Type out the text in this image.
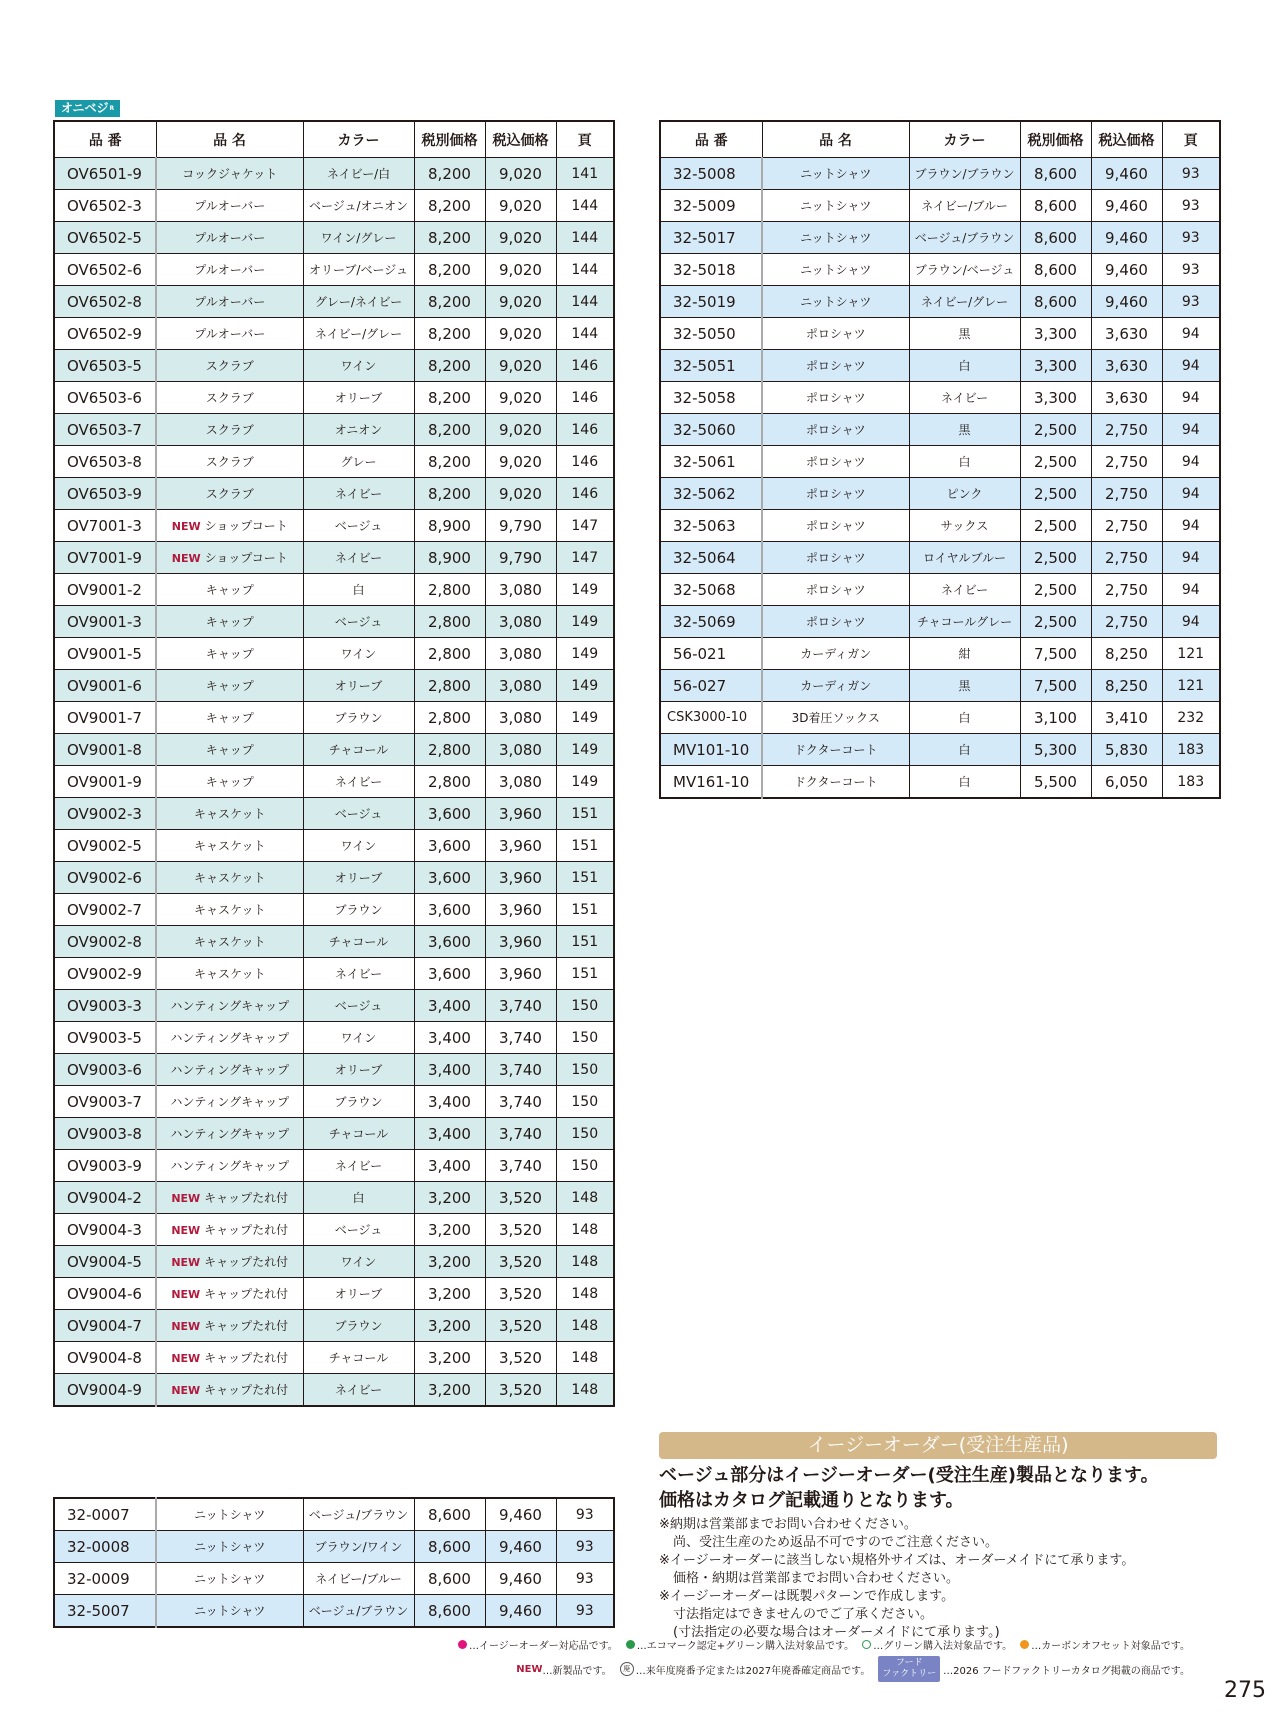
オニベジR
品 番	品 名	カラー	税別価格	税込価格	頁
OV6501-9	コックジャケット	ネイビー/白	8,200	9,020	141
OV6502-3	プルオーバー	ベージュ/オニオン	8,200	9,020	144
OV6502-5	プルオーバー	ワイン/グレー	8,200	9,020	144
OV6502-6	プルオーバー	オリーブ/ベージュ	8,200	9,020	144
OV6502-8	プルオーバー	グレー/ネイビー	8,200	9,020	144
OV6502-9	プルオーバー	ネイビー/グレー	8,200	9,020	144
OV6503-5	スクラブ	ワイン	8,200	9,020	146
OV6503-6	スクラブ	オリーブ	8,200	9,020	146
OV6503-7	スクラブ	オニオン	8,200	9,020	146
OV6503-8	スクラブ	グレー	8,200	9,020	146
OV6503-9	スクラブ	ネイビー	8,200	9,020	146
OV7001-3	NEW ショップコート	ベージュ	8,900	9,790	147
OV7001-9	NEW ショップコート	ネイビー	8,900	9,790	147
OV9001-2	キャップ	白	2,800	3,080	149
OV9001-3	キャップ	ベージュ	2,800	3,080	149
OV9001-5	キャップ	ワイン	2,800	3,080	149
OV9001-6	キャップ	オリーブ	2,800	3,080	149
OV9001-7	キャップ	ブラウン	2,800	3,080	149
OV9001-8	キャップ	チャコール	2,800	3,080	149
OV9001-9	キャップ	ネイビー	2,800	3,080	149
OV9002-3	キャスケット	ベージュ	3,600	3,960	151
OV9002-5	キャスケット	ワイン	3,600	3,960	151
OV9002-6	キャスケット	オリーブ	3,600	3,960	151
OV9002-7	キャスケット	ブラウン	3,600	3,960	151
OV9002-8	キャスケット	チャコール	3,600	3,960	151
OV9002-9	キャスケット	ネイビー	3,600	3,960	151
OV9003-3	ハンティングキャップ	ベージュ	3,400	3,740	150
OV9003-5	ハンティングキャップ	ワイン	3,400	3,740	150
OV9003-6	ハンティングキャップ	オリーブ	3,400	3,740	150
OV9003-7	ハンティングキャップ	ブラウン	3,400	3,740	150
OV9003-8	ハンティングキャップ	チャコール	3,400	3,740	150
OV9003-9	ハンティングキャップ	ネイビー	3,400	3,740	150
OV9004-2	NEW キャップたれ付	白	3,200	3,520	148
OV9004-3	NEW キャップたれ付	ベージュ	3,200	3,520	148
OV9004-5	NEW キャップたれ付	ワイン	3,200	3,520	148
OV9004-6	NEW キャップたれ付	オリーブ	3,200	3,520	148
OV9004-7	NEW キャップたれ付	ブラウン	3,200	3,520	148
OV9004-8	NEW キャップたれ付	チャコール	3,200	3,520	148
OV9004-9	NEW キャップたれ付	ネイビー	3,200	3,520	148
品 番	品 名	カラー	税別価格	税込価格	頁
32-5008	ニットシャツ	ブラウン/ブラウン	8,600	9,460	93
32-5009	ニットシャツ	ネイビー/ブルー	8,600	9,460	93
32-5017	ニットシャツ	ベージュ/ブラウン	8,600	9,460	93
32-5018	ニットシャツ	ブラウン/ベージュ	8,600	9,460	93
32-5019	ニットシャツ	ネイビー/グレー	8,600	9,460	93
32-5050	ポロシャツ	黒	3,300	3,630	94
32-5051	ポロシャツ	白	3,300	3,630	94
32-5058	ポロシャツ	ネイビー	3,300	3,630	94
32-5060	ポロシャツ	黒	2,500	2,750	94
32-5061	ポロシャツ	白	2,500	2,750	94
32-5062	ポロシャツ	ピンク	2,500	2,750	94
32-5063	ポロシャツ	サックス	2,500	2,750	94
32-5064	ポロシャツ	ロイヤルブルー	2,500	2,750	94
32-5068	ポロシャツ	ネイビー	2,500	2,750	94
32-5069	ポロシャツ	チャコールグレー	2,500	2,750	94
56-021	カーディガン	紺	7,500	8,250	121
56-027	カーディガン	黒	7,500	8,250	121
CSK3000-10	3D着圧ソックス	白	3,100	3,410	232
MV101-10	ドクターコート	白	5,300	5,830	183
MV161-10	ドクターコート	白	5,500	6,050	183
32-0007	ニットシャツ	ベージュ/ブラウン	8,600	9,460	93
32-0008	ニットシャツ	ブラウン/ワイン	8,600	9,460	93
32-0009	ニットシャツ	ネイビー/ブルー	8,600	9,460	93
32-5007	ニットシャツ	ベージュ/ブラウン	8,600	9,460	93
イージーオーダー(受注生産品)
ベージュ部分はイージーオーダー(受注生産)製品となります。
価格はカタログ記載通りとなります。
※納期は営業部までお問い合わせください。
尚、受注生産のため返品不可ですのでご注意ください。
※イージーオーダーに該当しない規格外サイズは、オーダーメイドにて承ります。
価格・納期は営業部までお問い合わせください。
※イージーオーダーは既製パターンで作成します。
寸法指定はできませんのでご了承ください。
(寸法指定の必要な場合はオーダーメイドにて承ります。)
…イージーオーダー対応品です。 …エコマーク認定+グリーン購入法対象品です。 …グリーン購入法対象品です。 …カーボンオフセット対象品です。
NEW …新製品です。	廃 …来年度廃番予定または2027年廃番確定商品です。
フード
ファクトリー …2026 フードファクトリーカタログ掲載の商品です。
275
